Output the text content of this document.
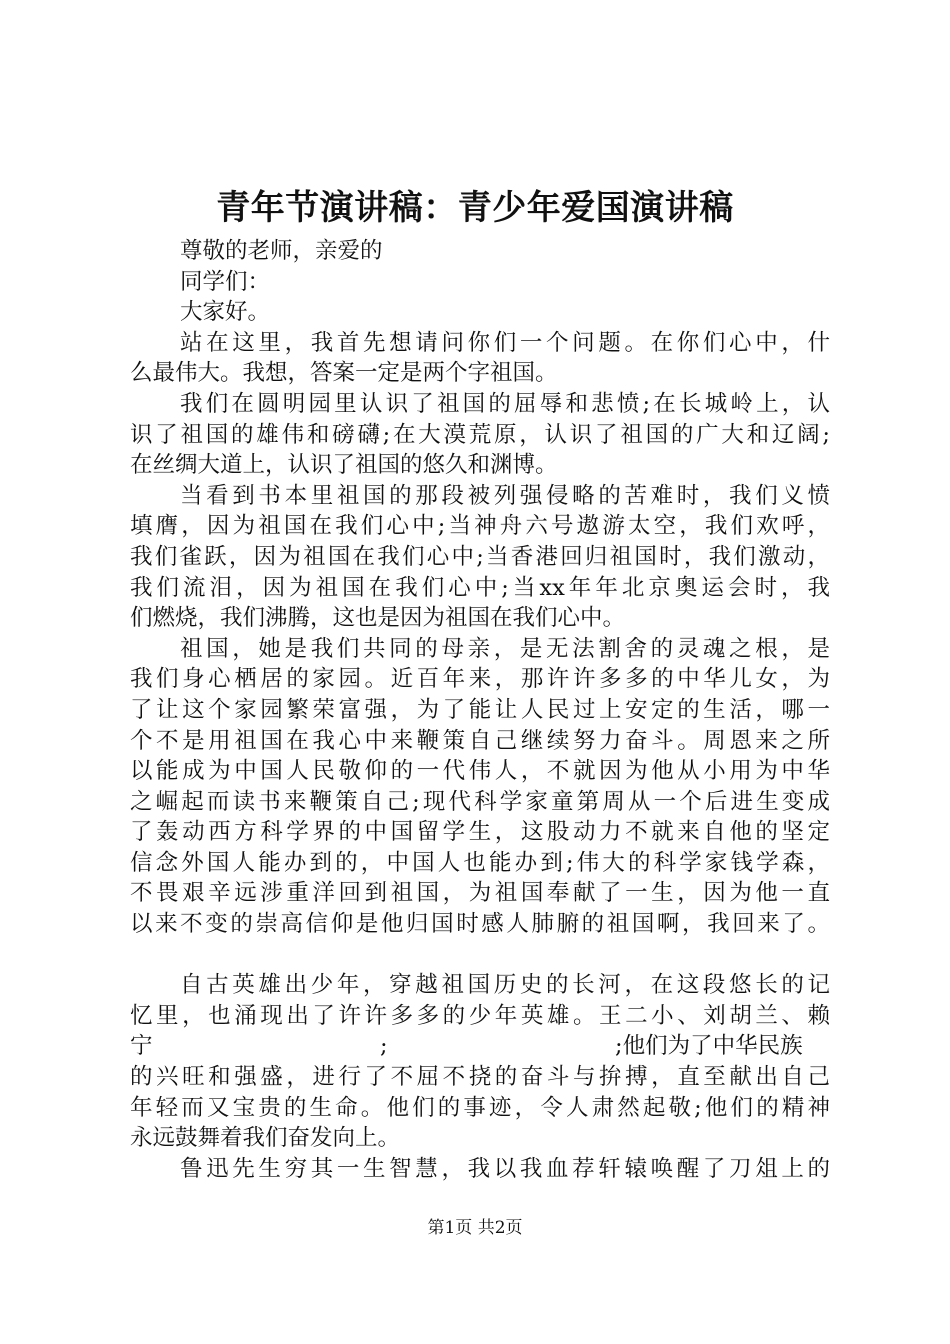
青年节演讲稿：青少年爱国演讲稿
尊敬的老师，亲爱的
同学们：
大家好。
站在这里，我首先想请问你们一个问题。在你们心中，什
么最伟大。我想，答案一定是两个字祖国。
我们在圆明园里认识了祖国的屈辱和悲愤;在长城岭上，认
识了祖国的雄伟和磅礴;在大漠荒原，认识了祖国的广大和辽阔;
在丝绸大道上，认识了祖国的悠久和渊博。
当看到书本里祖国的那段被列强侵略的苦难时，我们义愤
填膺，因为祖国在我们心中;当神舟六号遨游太空，我们欢呼，
我们雀跃，因为祖国在我们心中;当香港回归祖国时，我们激动，
我们流泪，因为祖国在我们心中;当xx年年北京奥运会时，我
们燃烧，我们沸腾，这也是因为祖国在我们心中。
祖国，她是我们共同的母亲，是无法割舍的灵魂之根，是
我们身心栖居的家园。近百年来，那许许多多的中华儿女，为
了让这个家园繁荣富强，为了能让人民过上安定的生活，哪一
个不是用祖国在我心中来鞭策自己继续努力奋斗。周恩来之所
以能成为中国人民敬仰的一代伟人，不就因为他从小用为中华
之崛起而读书来鞭策自己;现代科学家童第周从一个后进生变成
了轰动西方科学界的中国留学生，这股动力不就来自他的坚定
信念外国人能办到的，中国人也能办到;伟大的科学家钱学森，
不畏艰辛远涉重洋回到祖国，为祖国奉献了一生，因为他一直
以来不变的崇高信仰是他归国时感人肺腑的祖国啊，我回来了。
自古英雄出少年，穿越祖国历史的长河，在这段悠长的记
忆里，也涌现出了许许多多的少年英雄。王二小、刘胡兰、赖
宁	;	;他们为了中华民族
的兴旺和强盛，进行了不屈不挠的奋斗与拚搏，直至献出自己
年轻而又宝贵的生命。他们的事迹，令人肃然起敬;他们的精神
永远鼓舞着我们奋发向上。
鲁迅先生穷其一生智慧，我以我血荐轩辕唤醒了刀俎上的
第1页 共2页
